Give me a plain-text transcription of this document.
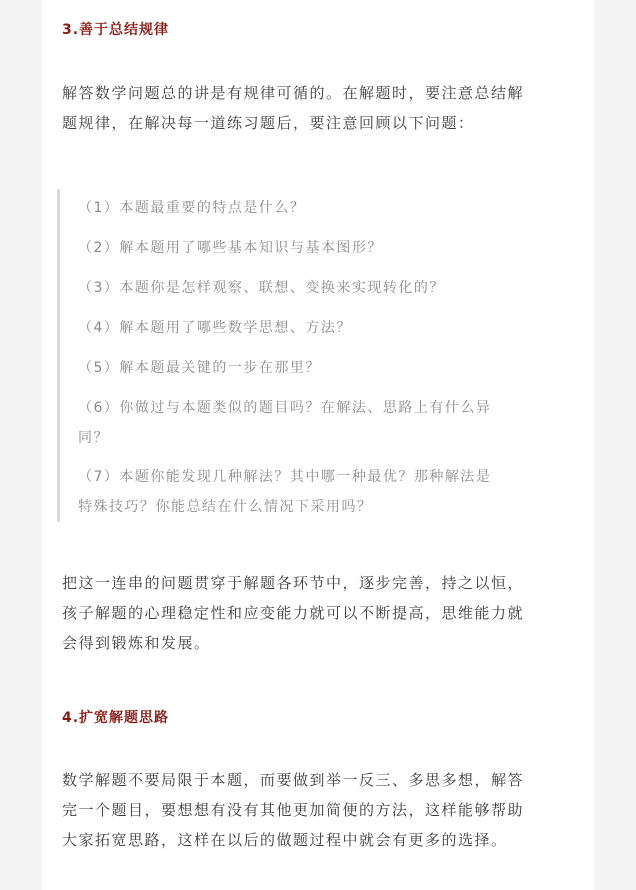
3.善于总结规律
解答数学问题总的讲是有规律可循的。在解题时，要注意总结解
题规律，在解决每一道练习题后，要注意回顾以下问题：
（1）本题最重要的特点是什么？
（2）解本题用了哪些基本知识与基本图形？
（3）本题你是怎样观察、联想、变换来实现转化的？
（4）解本题用了哪些数学思想、方法？
（5）解本题最关键的一步在那里？
（6）你做过与本题类似的题目吗？在解法、思路上有什么异
同？
（7）本题你能发现几种解法？其中哪一种最优？那种解法是
特殊技巧？你能总结在什么情况下采用吗？
把这一连串的问题贯穿于解题各环节中，逐步完善，持之以恒，
孩子解题的心理稳定性和应变能力就可以不断提高，思维能力就
会得到锻炼和发展。
4.扩宽解题思路
数学解题不要局限于本题，而要做到举一反三、多思多想，解答
完一个题目，要想想有没有其他更加简便的方法，这样能够帮助
大家拓宽思路，这样在以后的做题过程中就会有更多的选择。
